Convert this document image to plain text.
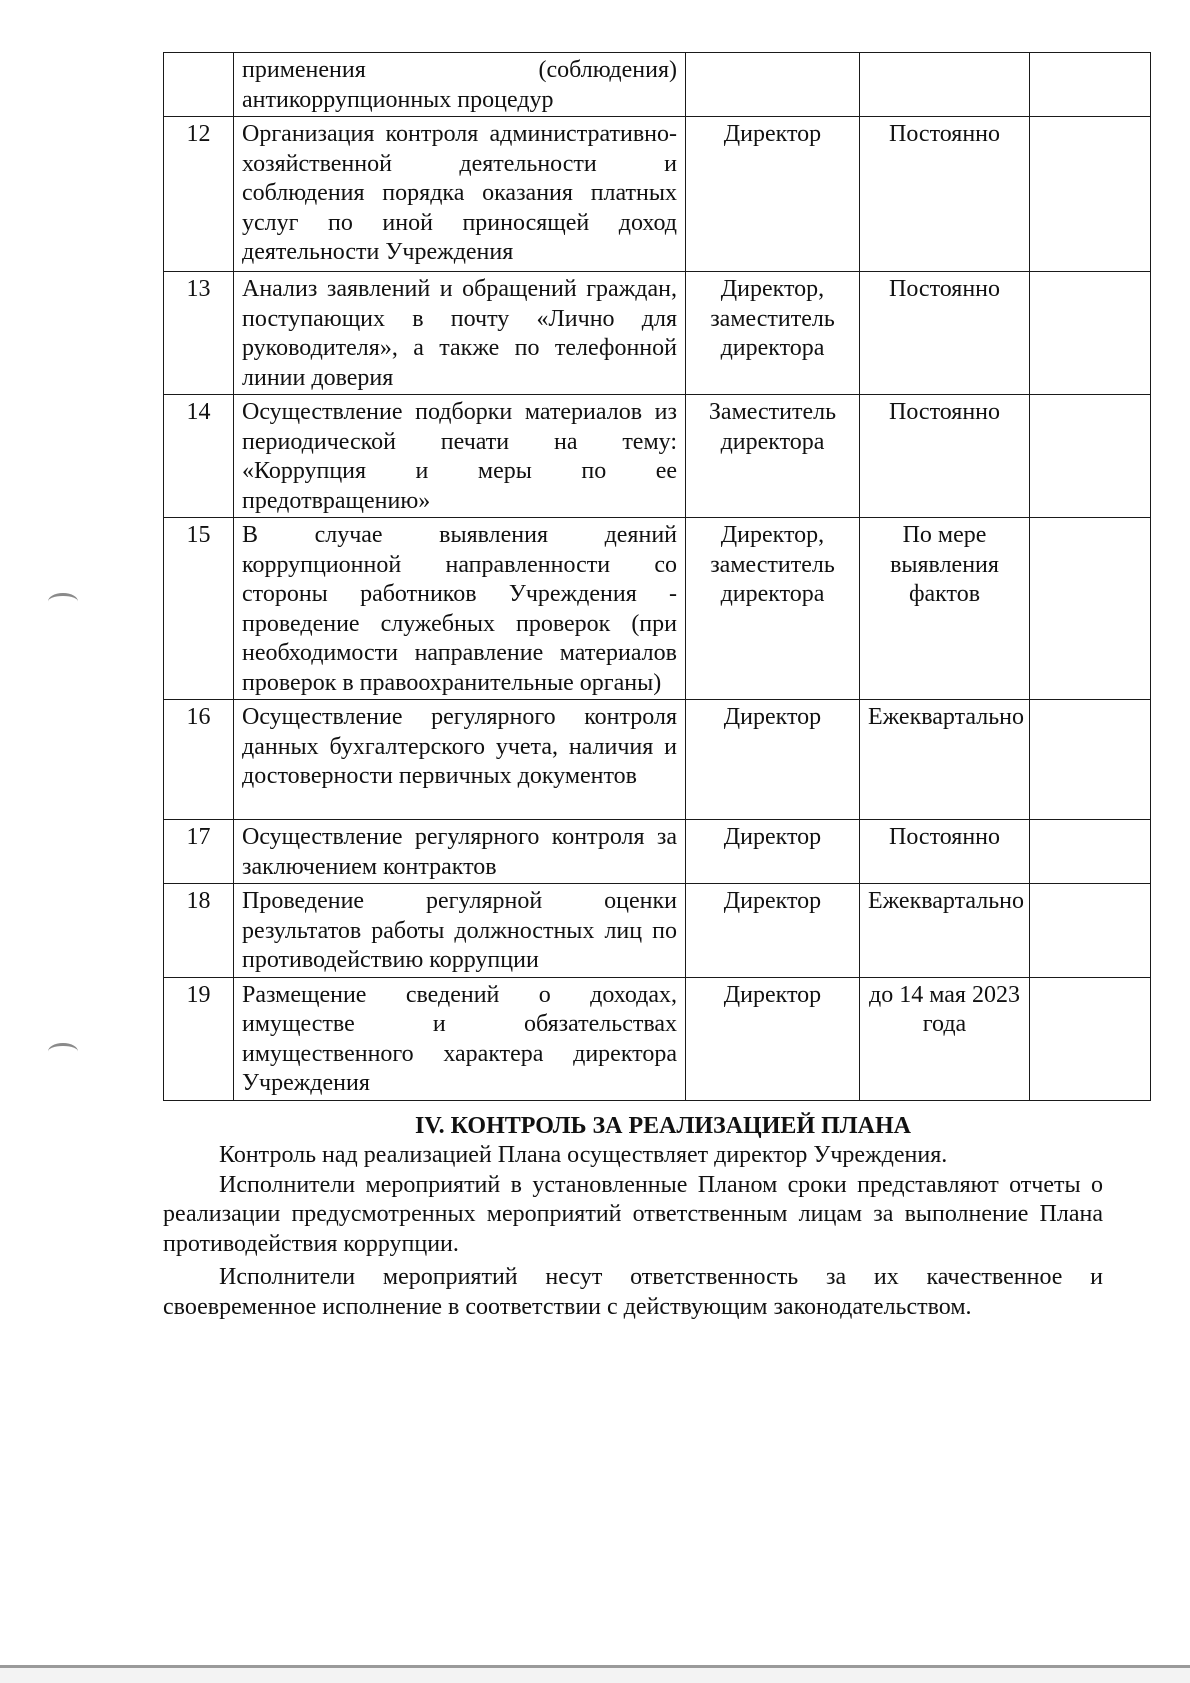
	применения (соблюдения) антикоррупционных процедур			
12	Организация контроля административно-хозяйственной деятельности и соблюдения порядка оказания платных услуг по иной приносящей доход деятельности Учреждения	Директор	Постоянно	
13	Анализ заявлений и обращений граждан, поступающих в почту «Лично для руководителя», а также по телефонной линии доверия	Директор, заместитель директора	Постоянно	
14	Осуществление подборки материалов из периодической печати на тему: «Коррупция и меры по ее предотвращению»	Заместитель директора	Постоянно	
15	В случае выявления деяний коррупционной направленности со стороны работников Учреждения - проведение служебных проверок (при необходимости направление материалов проверок в правоохранительные органы)	Директор, заместитель директора	По мере выявления фактов	
16	Осуществление регулярного контроля данных бухгалтерского учета, наличия и достоверности первичных документов	Директор	Ежеквартально	
17	Осуществление регулярного контроля за заключением контрактов	Директор	Постоянно	
18	Проведение регулярной оценки результатов работы должностных лиц по противодействию коррупции	Директор	Ежеквартально	
19	Размещение сведений о доходах, имуществе и обязательствах имущественного характера директора Учреждения	Директор	до 14 мая 2023 года	
IV. КОНТРОЛЬ ЗА РЕАЛИЗАЦИЕЙ ПЛАНА

Контроль над реализацией Плана осуществляет директор Учреждения.

Исполнители мероприятий в установленные Планом сроки представляют отчеты о реализации предусмотренных мероприятий ответственным лицам за выполнение Плана противодействия коррупции.

Исполнители мероприятий несут ответственность за их качественное и своевременное исполнение в соответствии с действующим законодательством.
